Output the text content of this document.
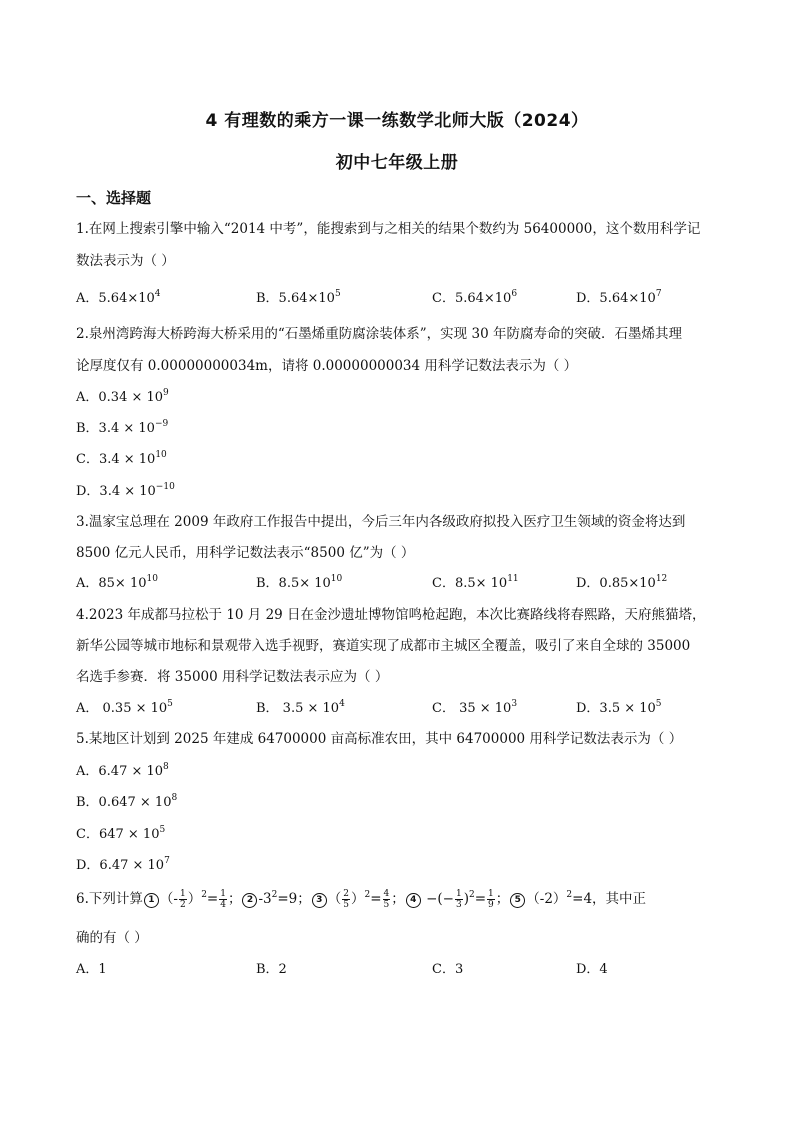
4 有理数的乘方一课一练数学北师大版（2024）
初中七年级上册
一、选择题
1.在网上搜索引擎中输入“2014 中考”，能搜索到与之相关的结果个数约为 56400000，这个数用科学记
数法表示为（ ）
A．$5.64\times 10^4$	B．$5.64\times 10^5$	C．$5.64\times 10^6$	D．$5.64\times 10^7$
2.泉州湾跨海大桥跨海大桥采用的“石墨烯重防腐涂装体系”，实现 30 年防腐寿命的突破．石墨烯其理
论厚度仅有 0.00000000034m，请将 0.00000000034 用科学记数法表示为（ ）
A．$0.34 \times 10^9$
B．$3.4 \times 10^{-9}$
C．$3.4 \times 10^{10}$
D．$3.4 \times 10^{-10}$
3.温家宝总理在 2009 年政府工作报告中提出，今后三年内各级政府拟投入医疗卫生领域的资金将达到
8500 亿元人民币，用科学记数法表示“8500 亿”为（ ）
A．$85\times 10^{10}$	B．$8.5\times 10^{10}$	C．$8.5\times 10^{11}$	D．$0.85\times 10^{12}$
4.2023 年成都马拉松于 10 月 29 日在金沙遗址博物馆鸣枪起跑，本次比赛路线将春熙路，天府熊猫塔，
新华公园等城市地标和景观带入选手视野，赛道实现了成都市主城区全覆盖，吸引了来自全球的 35000
名选手参赛．将 35000 用科学记数法表示应为（ ）
A． $0.35 \times 10^5$	B． $3.5 \times 10^4$	C． $35 \times 10^3$	D．$3.5 \times 10^5$
5.某地区计划到 2025 年建成 64700000 亩高标准农田，其中 64700000 用科学记数法表示为（ ）
A．$6.47 \times 10^8$
B．$0.647 \times 10^8$
C．$647 \times 10^5$
D．$6.47 \times 10^7$
6.下列计算 1 （- $\frac{1}{2} )^2= \frac{1}{4}$ ； 2 $-3^2=9$； 3 （ $\frac{2}{5} )^2= \frac{4}{5}$ ； 4 −(− $\frac{1}{3} )^2= \frac{1}{9}$ ； 5 $(-2)^2=4$，其中正
确的有（ ）
A．1	B．2	C．3	D．4
